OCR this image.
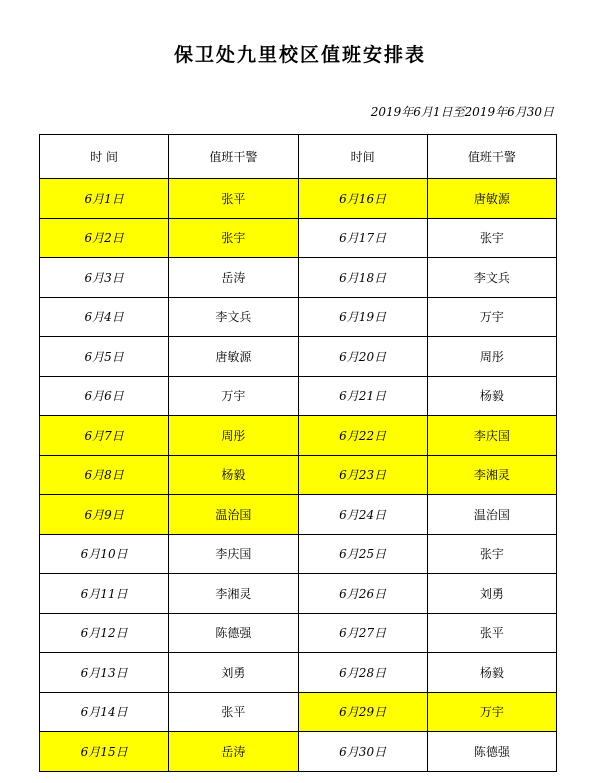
保卫处九里校区值班安排表
2019年6月1日至2019年6月30日
时 间	值班干警	时间	值班干警
6月1日	张平	6月16日	唐敏源
6月2日	张宇	6月17日	张宇
6月3日	岳涛	6月18日	李文兵
6月4日	李文兵	6月19日	万宇
6月5日	唐敏源	6月20日	周彤
6月6日	万宇	6月21日	杨毅
6月7日	周彤	6月22日	李庆国
6月8日	杨毅	6月23日	李湘灵
6月9日	温治国	6月24日	温治国
6月10日	李庆国	6月25日	张宇
6月11日	李湘灵	6月26日	刘勇
6月12日	陈德强	6月27日	张平
6月13日	刘勇	6月28日	杨毅
6月14日	张平	6月29日	万宇
6月15日	岳涛	6月30日	陈德强
